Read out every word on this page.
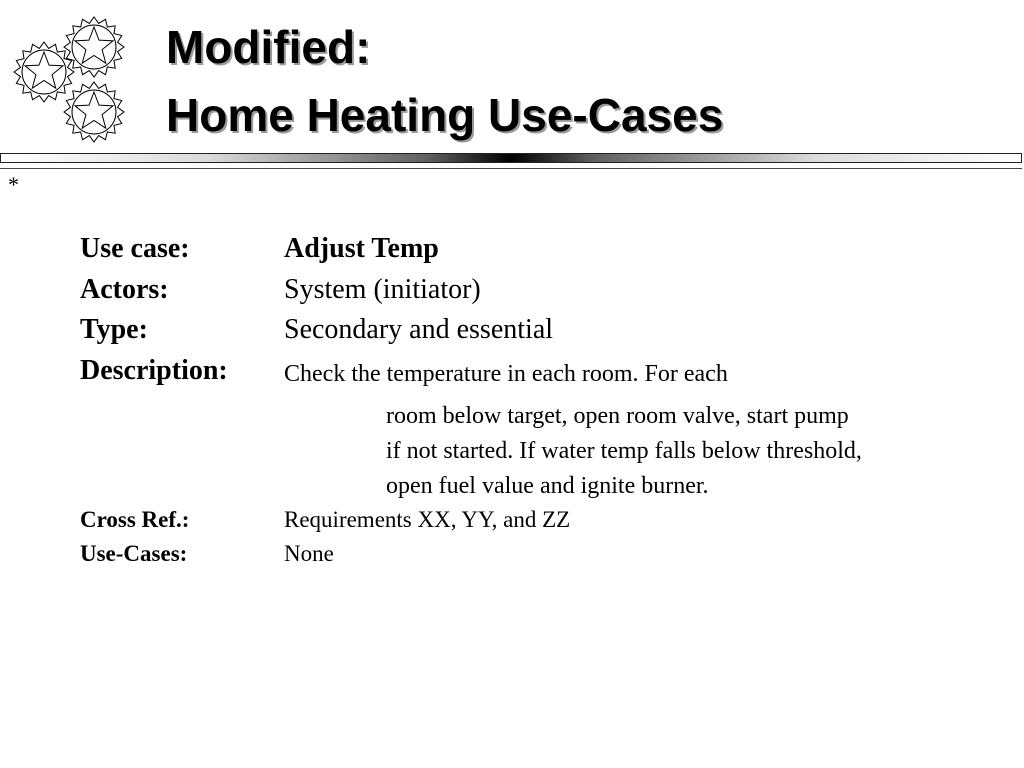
Modified:
Home Heating Use-Cases
*
Use case:	Adjust Temp
Actors:	System (initiator)
Type:	Secondary and essential
Description: Check the temperature in each room. For each
room below target, open room valve, start pump
if not started. If water temp falls below threshold,
open fuel value and ignite burner.
Cross Ref.:	Requirements XX, YY, and ZZ
Use-Cases:	None
